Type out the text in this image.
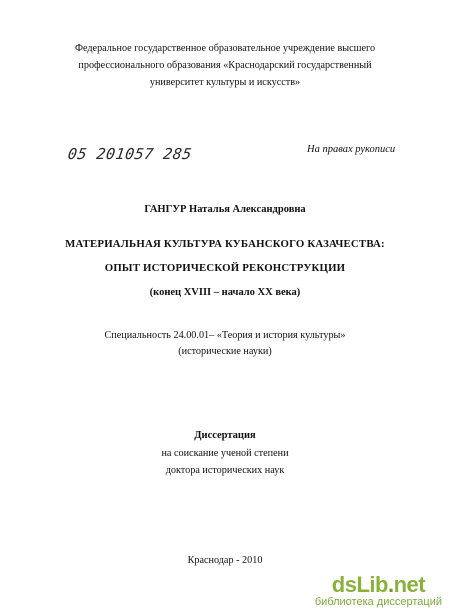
Федеральное государственное образовательное учреждение высшего
профессионального образования «Краснодарский государственный
университет культуры и искусств»
05 201057 285	На правах рукописи
ГАНГУР Наталья Александровна
МАТЕРИАЛЬНАЯ КУЛЬТУРА КУБАНСКОГО КАЗАЧЕСТВА:
ОПЫТ ИСТОРИЧЕСКОЙ РЕКОНСТРУКЦИИ
(конец XVIII – начало XX века)
Специальность 24.00.01– «Теория и история культуры»
(исторические науки)
Диссертация
на соискание ученой степени
доктора исторических наук
Краснодар - 2010
dsLib.net
библиотека диссертаций
